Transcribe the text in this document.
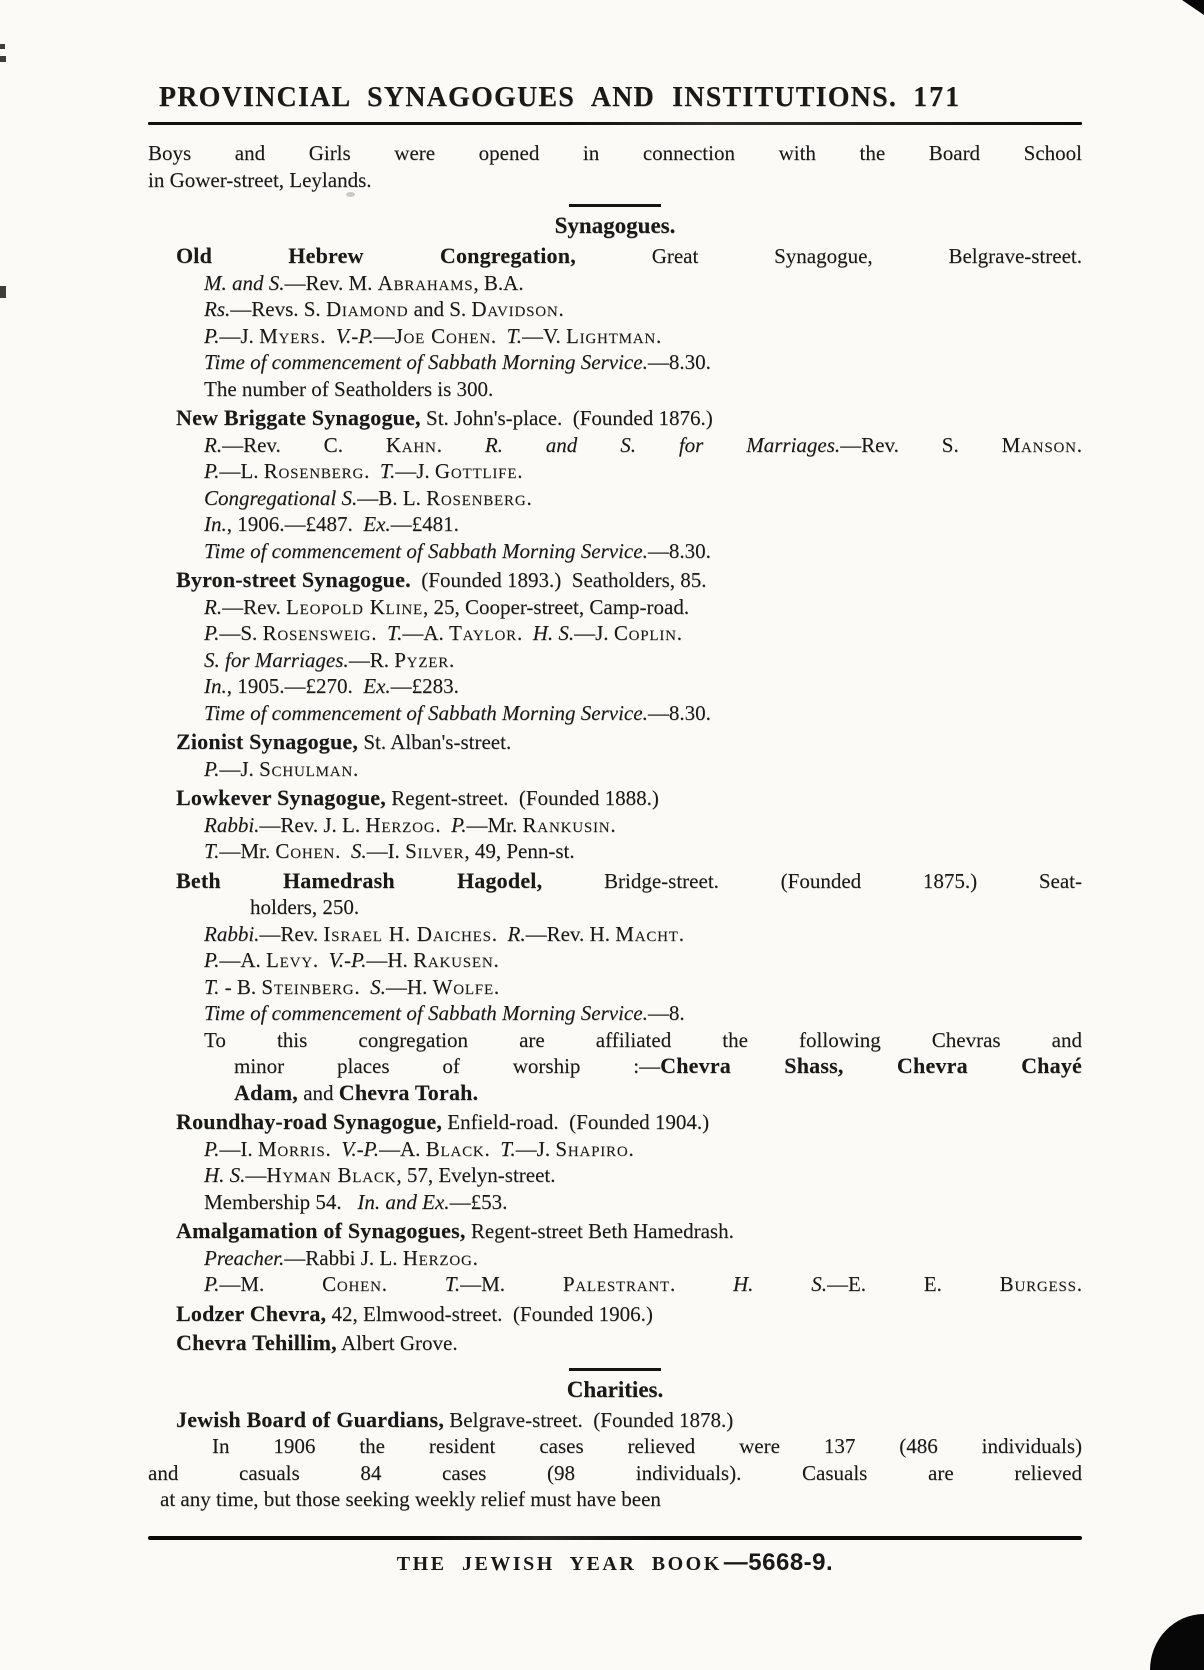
PROVINCIAL SYNAGOGUES AND INSTITUTIONS. 171
Boys and Girls were opened in connection with the Board School
in Gower-street, Leylands.
Synagogues.
Old Hebrew Congregation, Great Synagogue, Belgrave-street.
M. and S.—Rev. M. Abrahams, B.A.
Rs.—Revs. S. Diamond and S. Davidson.
P.—J. Myers.  V.-P.—Joe Cohen.  T.—V. Lightman.
Time of commencement of Sabbath Morning Service.—8.30.
The number of Seatholders is 300.
New Briggate Synagogue, St. John's-place.  (Founded 1876.)
R.—Rev. C. Kahn. R. and S. for Marriages.—Rev. S. Manson.
P.—L. Rosenberg.  T.—J. Gottlife.
Congregational S.—B. L. Rosenberg.
In., 1906.—£487.  Ex.—£481.
Time of commencement of Sabbath Morning Service.—8.30.
Byron-street Synagogue.  (Founded 1893.)  Seatholders, 85.
R.—Rev. Leopold Kline, 25, Cooper-street, Camp-road.
P.—S. Rosensweig.  T.—A. Taylor.  H. S.—J. Coplin.
S. for Marriages.—R. Pyzer.
In., 1905.—£270.  Ex.—£283.
Time of commencement of Sabbath Morning Service.—8.30.
Zionist Synagogue, St. Alban's-street.
P.—J. Schulman.
Lowkever Synagogue, Regent-street.  (Founded 1888.)
Rabbi.—Rev. J. L. Herzog.  P.—Mr. Rankusin.
T.—Mr. Cohen.  S.—I. Silver, 49, Penn-st.
Beth Hamedrash Hagodel, Bridge-street. (Founded 1875.) Seat-
holders, 250.
Rabbi.—Rev. Israel H. Daiches.  R.—Rev. H. Macht.
P.—A. Levy.  V.-P.—H. Rakusen.
T. - B. Steinberg.  S.—H. Wolfe.
Time of commencement of Sabbath Morning Service.—8.
To this congregation are affiliated the following Chevras and
minor places of worship :—Chevra Shass, Chevra Chayé
Adam, and Chevra Torah.
Roundhay-road Synagogue, Enfield-road.  (Founded 1904.)
P.—I. Morris.  V.-P.—A. Black.  T.—J. Shapiro.
H. S.—Hyman Black, 57, Evelyn-street.
Membership 54.   In. and Ex.—£53.
Amalgamation of Synagogues, Regent-street Beth Hamedrash.
Preacher.—Rabbi J. L. Herzog.
P.—M. Cohen. T.—M. Palestrant. H. S.—E. E. Burgess.
Lodzer Chevra, 42, Elmwood-street.  (Founded 1906.)
Chevra Tehillim, Albert Grove.
Charities.
Jewish Board of Guardians, Belgrave-street.  (Founded 1878.)
In 1906 the resident cases relieved were 137 (486 individuals)
and casuals 84 cases (98 individuals). Casuals are relieved
at any time, but those seeking weekly relief must have been
THE JEWISH YEAR BOOK—5668-9.
